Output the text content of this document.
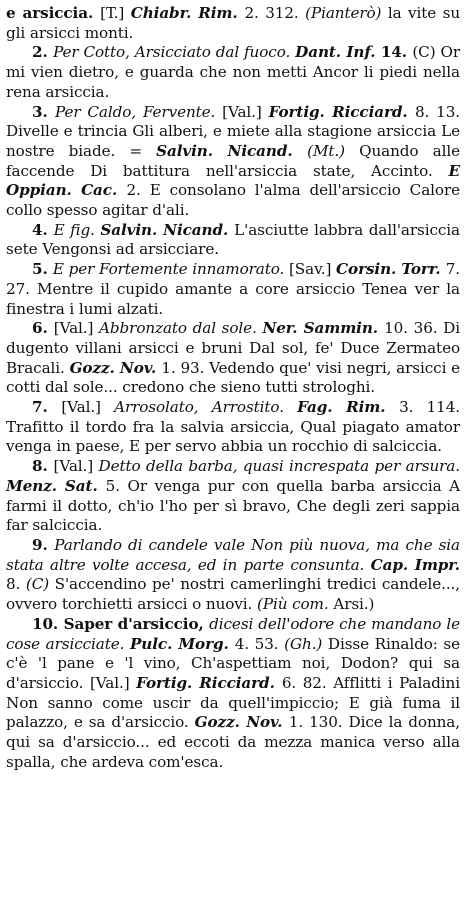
e arsiccia. [T.] Chiabr. Rim. 2. 312. (Pianterò) la vite su gli arsicci monti.

2. Per Cotto, Arsicciato dal fuoco. Dant. Inf. 14. (C) Or mi vien dietro, e guarda che non metti Ancor li piedi nella rena arsiccia.

3. Per Caldo, Fervente. [Val.] Fortig. Ricciard. 8. 13. Divelle e trincia Gli alberi, e miete alla stagione arsiccia Le nostre biade. = Salvin. Nicand. (Mt.) Quando alle faccende Di battitura nell'arsiccia state, Accinto. E Oppian. Cac. 2. E consolano l'alma dell'arsiccio Calore collo spesso agitar d'ali.

4. E fig. Salvin. Nicand. L'asciutte labbra dall'arsiccia sete Vengonsi ad arsicciare.

5. E per Fortemente innamorato. [Sav.] Corsin. Torr. 7. 27. Mentre il cupido amante a core arsiccio Tenea ver la finestra i lumi alzati.

6. [Val.] Abbronzato dal sole. Ner. Sammin. 10. 36. Di dugento villani arsicci e bruni Dal sol, fe' Duce Zermateo Bracali. Gozz. Nov. 1. 93. Vedendo que' visi negri, arsicci e cotti dal sole... credono che sieno tutti strologhi.

7. [Val.] Arrosolato, Arrostito. Fag. Rim. 3. 114. Trafitto il tordo fra la salvia arsiccia, Qual piagato amator venga in paese, E per servo abbia un rocchio di salciccia.

8. [Val.] Detto della barba, quasi increspata per arsura. Menz. Sat. 5. Or venga pur con quella barba arsiccia A farmi il dotto, ch'io l'ho per sì bravo, Che degli zeri sappia far salciccia.

9. Parlando di candele vale Non più nuova, ma che sia stata altre volte accesa, ed in parte consunta. Cap. Impr. 8. (C) S'accendino pe' nostri camerlinghi tredici candele..., ovvero torchietti arsicci o nuovi. (Più com. Arsi.)

10. Saper d'arsiccio, dicesi dell'odore che mandano le cose arsicciate. Pulc. Morg. 4. 53. (Gh.) Disse Rinaldo: se c'è 'l pane e 'l vino, Ch'aspettiam noi, Dodon? qui sa d'arsiccio. [Val.] Fortig. Ricciard. 6. 82. Afflitti i Paladini Non sanno come uscir da quell'impiccio; E già fuma il palazzo, e sa d'arsiccio. Gozz. Nov. 1. 130. Dice la donna, qui sa d'arsiccio... ed eccoti da mezza manica verso alla spalla, che ardeva com'esca.
